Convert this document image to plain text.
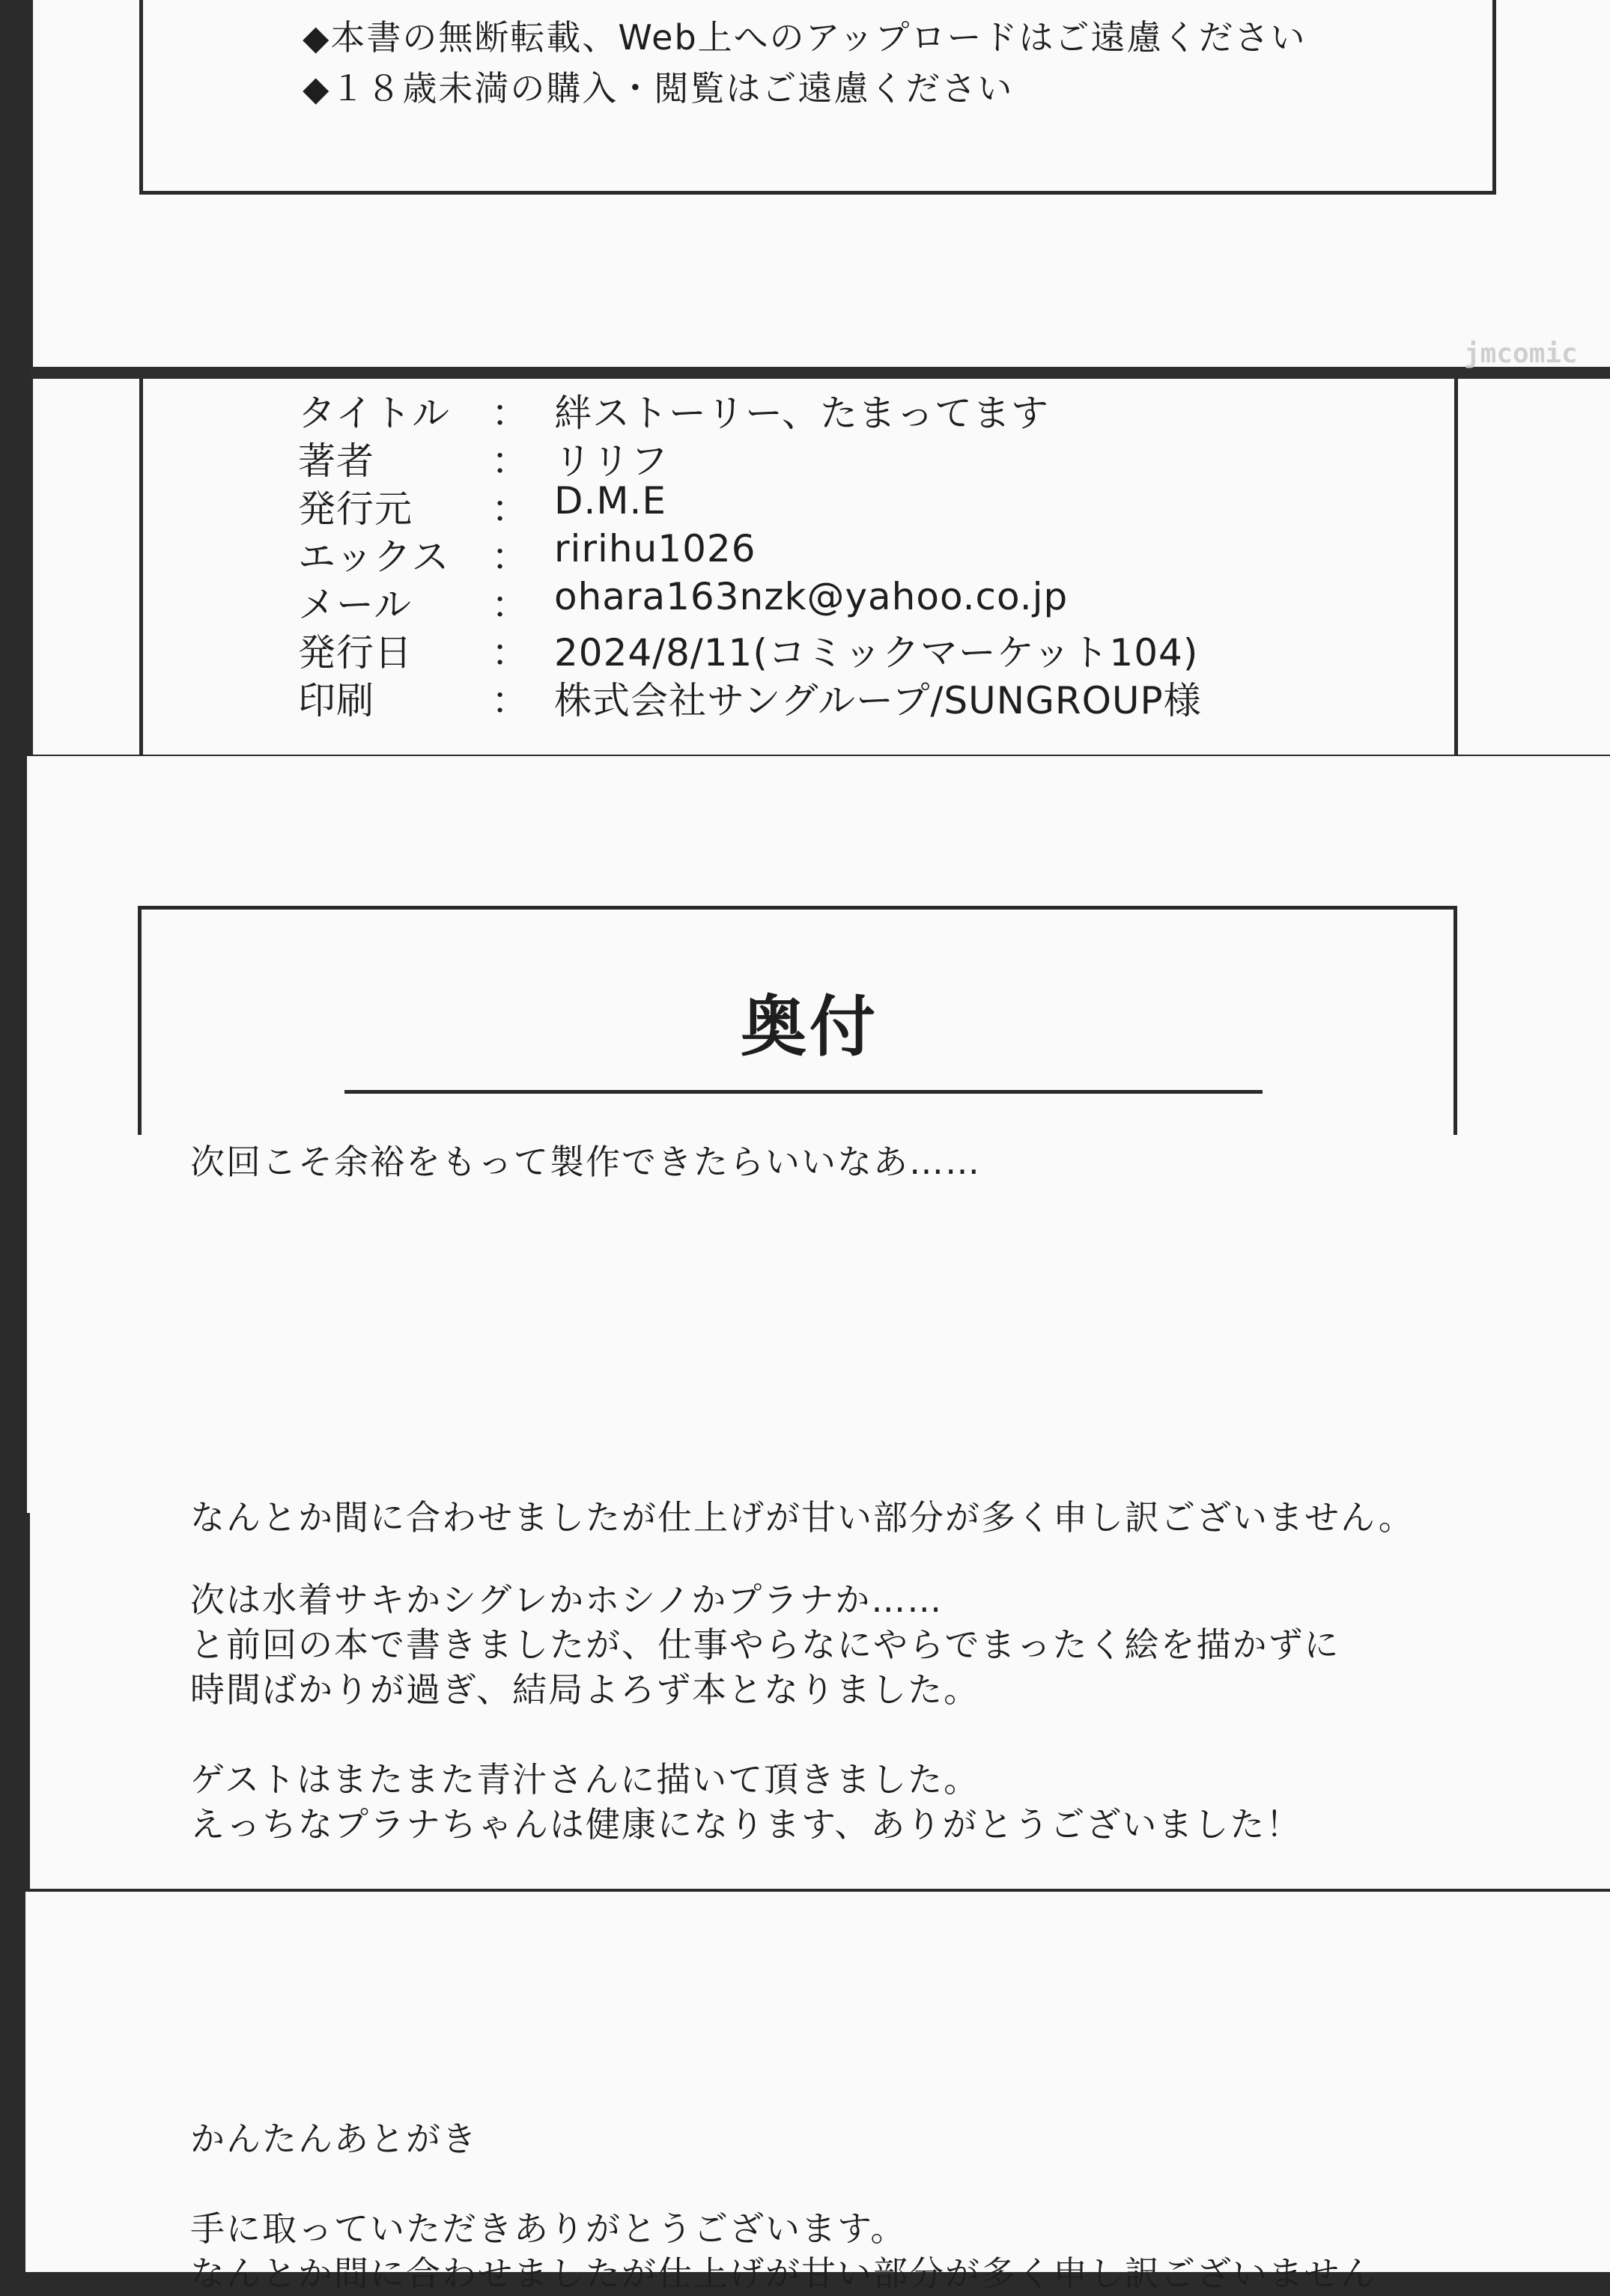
◆本書の無断転載、Web上へのアップロードはご遠慮ください
◆１８歳未満の購入・閲覧はご遠慮ください
jmcomic
タイトル ： 絆ストーリー、たまってます
著者	： リリフ
発行元 ： D.M.E
エックス ： ririhu1026
メール ： ohara163nzk@yahoo.co.jp
発行日 ： 2024/8/11(コミックマーケット104)
印刷	： 株式会社サングループ/SUNGROUP様
奥付
次回こそ余裕をもって製作できたらいいなあ……
なんとか間に合わせましたが仕上げが甘い部分が多く申し訳ございません。
次は水着サキかシグレかホシノかプラナか……
と前回の本で書きましたが、仕事やらなにやらでまったく絵を描かずに
時間ばかりが過ぎ、結局よろず本となりました。
ゲストはまたまた青汁さんに描いて頂きました。
えっちなプラナちゃんは健康になります、ありがとうございました！
かんたんあとがき
手に取っていただきありがとうございます。
なんとか間に合わせましたが仕上げが甘い部分が多く申し訳ございません
